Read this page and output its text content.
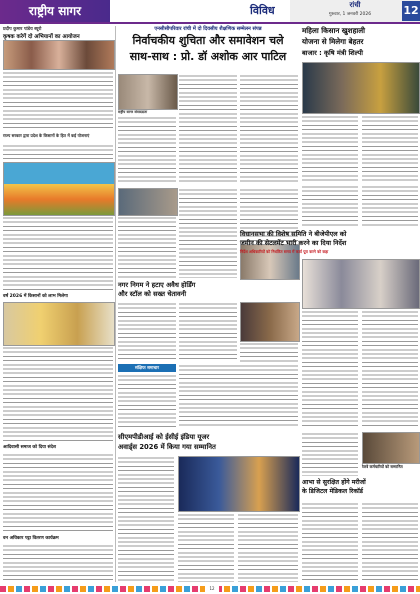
राष्ट्रीय सागर	विविध	रांची
गुरुवार, 1 जनवरी 2026	12
प्रदीप कुमार पांडेय ब्यूरो
कृषक करेगें दो अभियानों का आयोजन
राज्य सरकार द्वारा प्रदेश के किसानों के हित में कई योजनाएं
वर्ष 2026 में किसानों को लाभ मिलेगा
आदिवासी समाज को दिया संदेश
वन अधिकार पट्टा वितरण कार्यक्रम
एनसीसीपरिवार रांची में दो दिवसीय शैक्षणिक सम्मेलन संपन्न
निर्वाचकीय शुचिता और समावेशन चले
साथ-साथ : प्रो. डॉ अशोक आर पाटिल
राष्ट्रीय सागर संवाददाता
महिला किसान खुशहाली
योजना से मिलेगा बेहतर
बाजार : कृषि मंत्री शिल्पी
नगर निगम ने हटाए अवैध होर्डिंग
और स्टॉल को सख्त चेतावनी
संक्षिप्त समाचार
विधानसभा की विशेष समिति ने बीजेपीएल को
जमीन की सेटलमेंट भारी करने का दिया निर्देश
निर्देश अधिकारियों को निर्धारित समय में कार्य पूरा करने को कहा
सीएमपीडीआई को ईसीई इंडिया यूजर
अवार्ड्स 2026 में किया गया सम्मानित
आभा से सुरक्षित होंगे मरीजों
के डिजिटल मेडिकल रिकॉर्ड
रेलवे कर्मचारियों को सम्मानित
12
